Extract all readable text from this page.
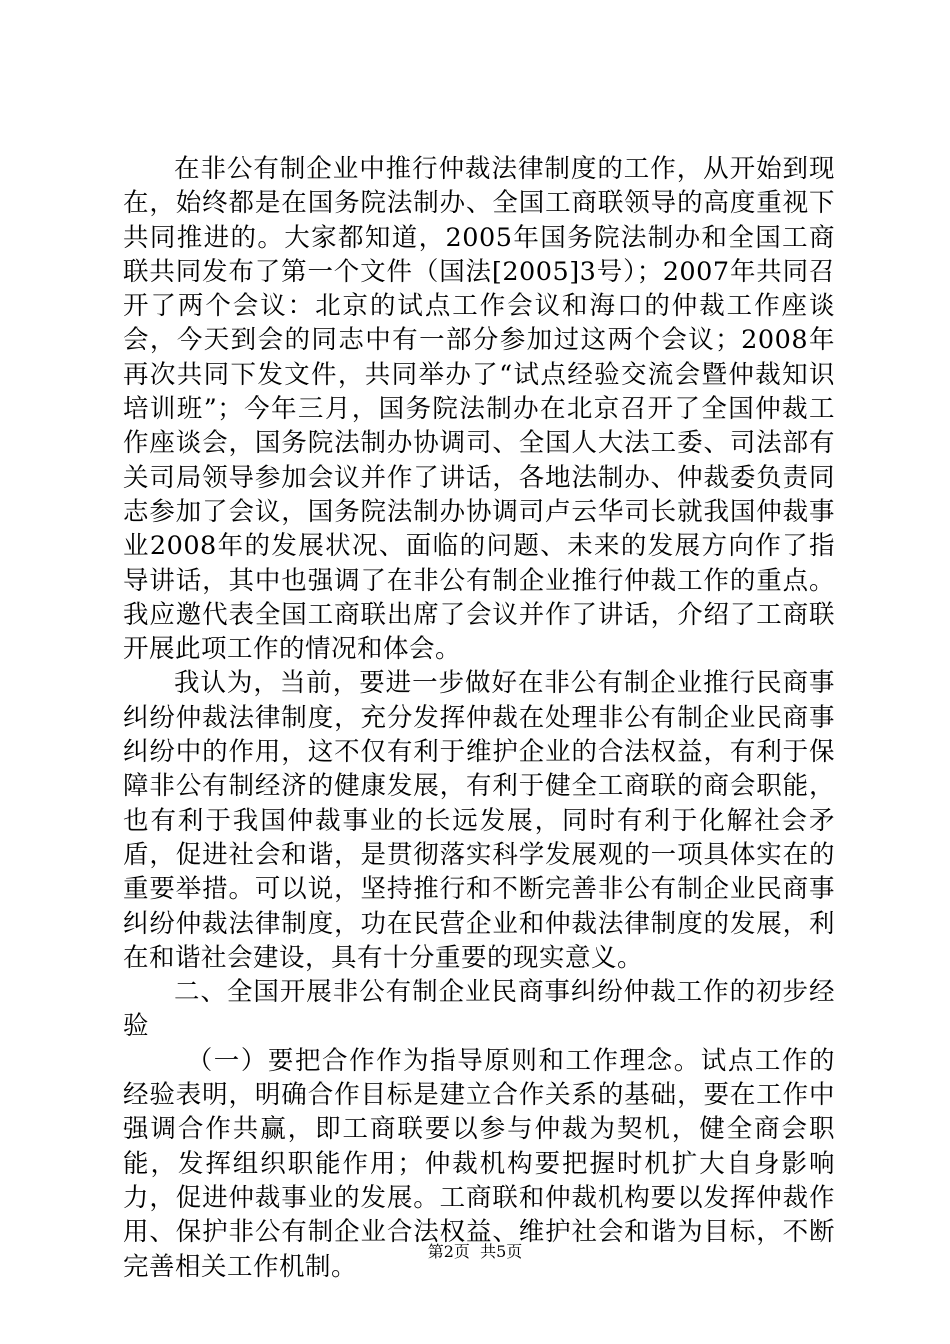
在非公有制企业中推行仲裁法律制度的工作，从开始到现在，始终都是在国务院法制办、全国工商联领导的高度重视下共同推进的。大家都知道，2005年国务院法制办和全国工商联共同发布了第一个文件（国法[2005]3号）；2007年共同召开了两个会议：北京的试点工作会议和海口的仲裁工作座谈会，今天到会的同志中有一部分参加过这两个会议；2008年再次共同下发文件，共同举办了“试点经验交流会暨仲裁知识培训班”；今年三月，国务院法制办在北京召开了全国仲裁工作座谈会，国务院法制办协调司、全国人大法工委、司法部有关司局领导参加会议并作了讲话，各地法制办、仲裁委负责同志参加了会议，国务院法制办协调司卢云华司长就我国仲裁事业2008年的发展状况、面临的问题、未来的发展方向作了指导讲话，其中也强调了在非公有制企业推行仲裁工作的重点。我应邀代表全国工商联出席了会议并作了讲话，介绍了工商联开展此项工作的情况和体会。

我认为，当前，要进一步做好在非公有制企业推行民商事纠纷仲裁法律制度，充分发挥仲裁在处理非公有制企业民商事纠纷中的作用，这不仅有利于维护企业的合法权益，有利于保障非公有制经济的健康发展，有利于健全工商联的商会职能，也有利于我国仲裁事业的长远发展，同时有利于化解社会矛盾，促进社会和谐，是贯彻落实科学发展观的一项具体实在的重要举措。可以说，坚持推行和不断完善非公有制企业民商事纠纷仲裁法律制度，功在民营企业和仲裁法律制度的发展，利在和谐社会建设，具有十分重要的现实意义。

二、全国开展非公有制企业民商事纠纷仲裁工作的初步经验

（一）要把合作作为指导原则和工作理念。试点工作的经验表明，明确合作目标是建立合作关系的基础，要在工作中强调合作共赢，即工商联要以参与仲裁为契机，健全商会职能，发挥组织职能作用；仲裁机构要把握时机扩大自身影响力，促进仲裁事业的发展。工商联和仲裁机构要以发挥仲裁作用、保护非公有制企业合法权益、维护社会和谐为目标，不断完善相关工作机制。	第2页 共5页
